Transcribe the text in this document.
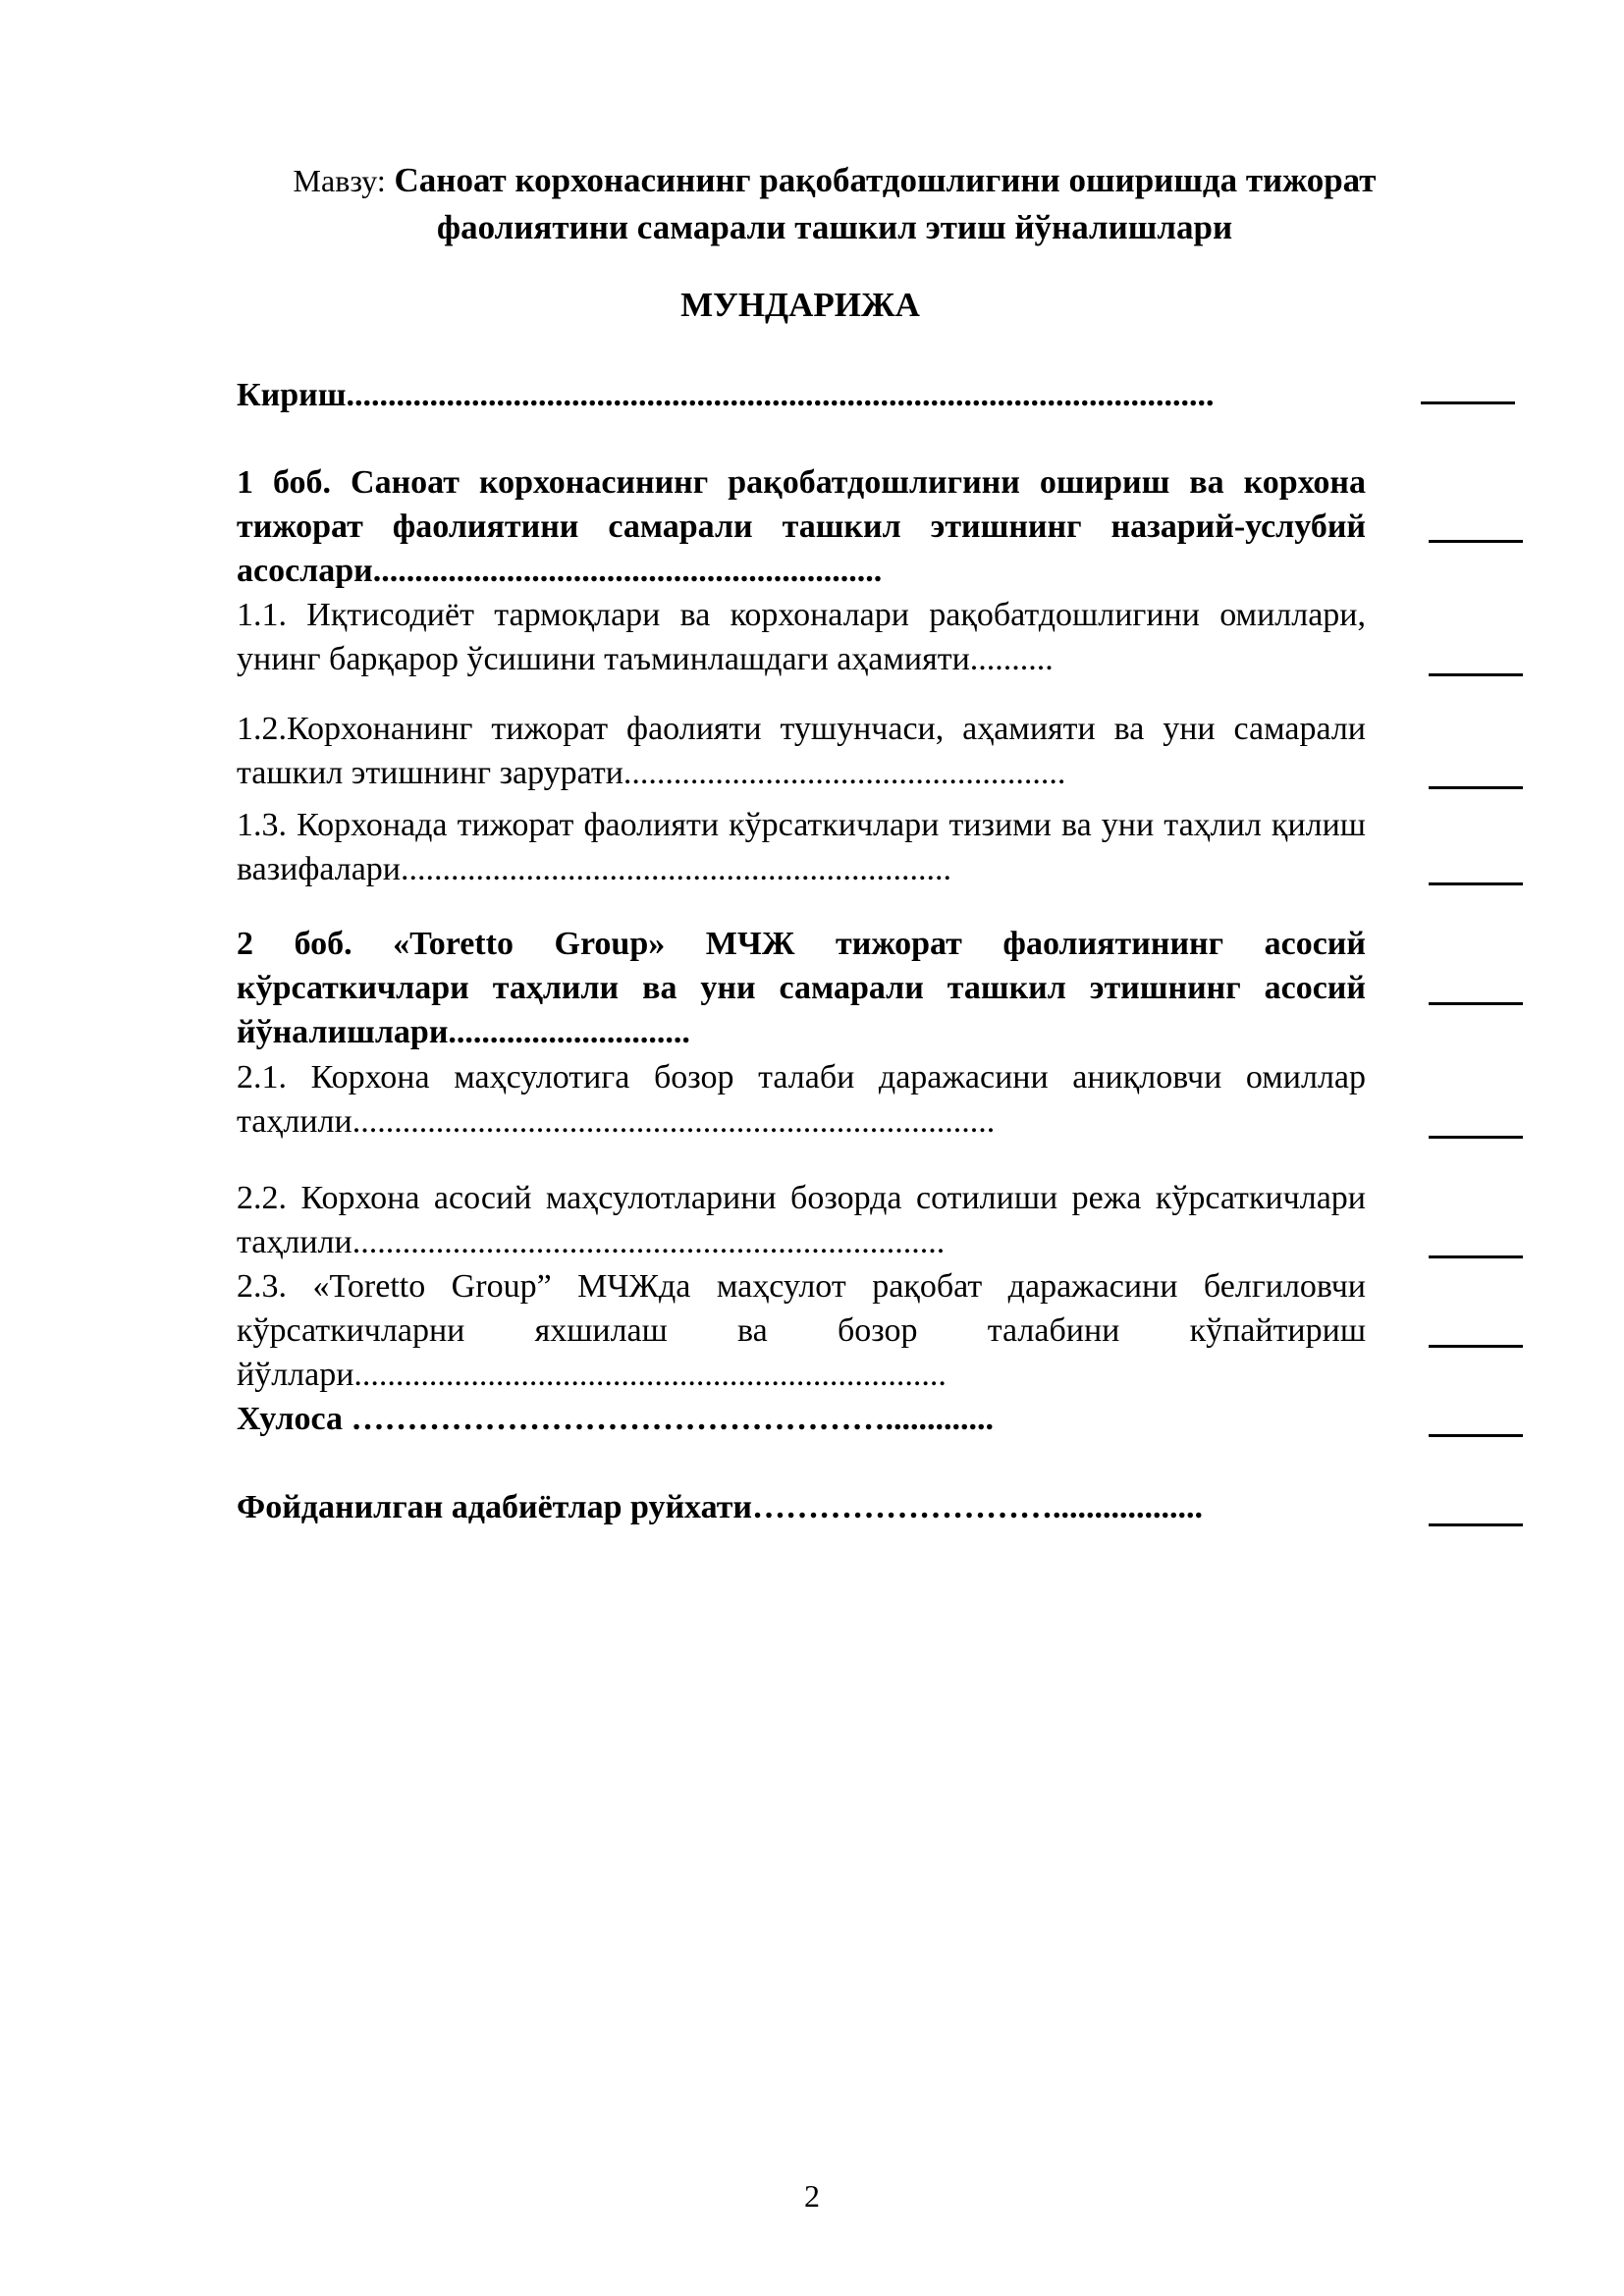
Мавзу: Саноат корхонасининг рақобатдошлигини оширишда тижорат
фаолиятини самарали ташкил этиш йўналишлари
МУНДАРИЖА
Кириш........................................................................................................
1 боб. Саноат корхонасининг рақобатдошлигини ошириш ва корхона тижорат фаолиятини самарали ташкил этишнинг назарий-услубий асослари.............................................................
1.1. Иқтисодиёт тармоқлари ва корхоналари рақобатдошлигини омиллари, унинг барқарор ўсишини таъминлашдаги аҳамияти..........
1.2.Корхонанинг тижорат фаолияти тушунчаси, аҳамияти ва уни самарали ташкил этишнинг зарурати.....................................................
1.3. Корхонада тижорат фаолияти кўрсаткичлари тизими ва уни таҳлил қилиш вазифалари..................................................................
2 боб. «Toretto Group» МЧЖ тижорат фаолиятининг асосий кўрсаткичлари таҳлили ва уни самарали ташкил этишнинг асосий йўналишлари.............................
2.1. Корхона маҳсулотига бозор талаби даражасини аниқловчи омиллар таҳлили.............................................................................
2.2. Корхона асосий маҳсулотларини бозорда сотилиши режа кўрсаткичлари таҳлили.......................................................................
2.3. «Toretto Group” МЧЖда маҳсулот рақобат даражасини белгиловчи кўрсаткичларни яхшилаш ва бозор талабини кўпайтириш йўллари.......................................................................
Хулоса ………………………………………….............
Фойданилган адабиётлар руйхати………………………..................
2
